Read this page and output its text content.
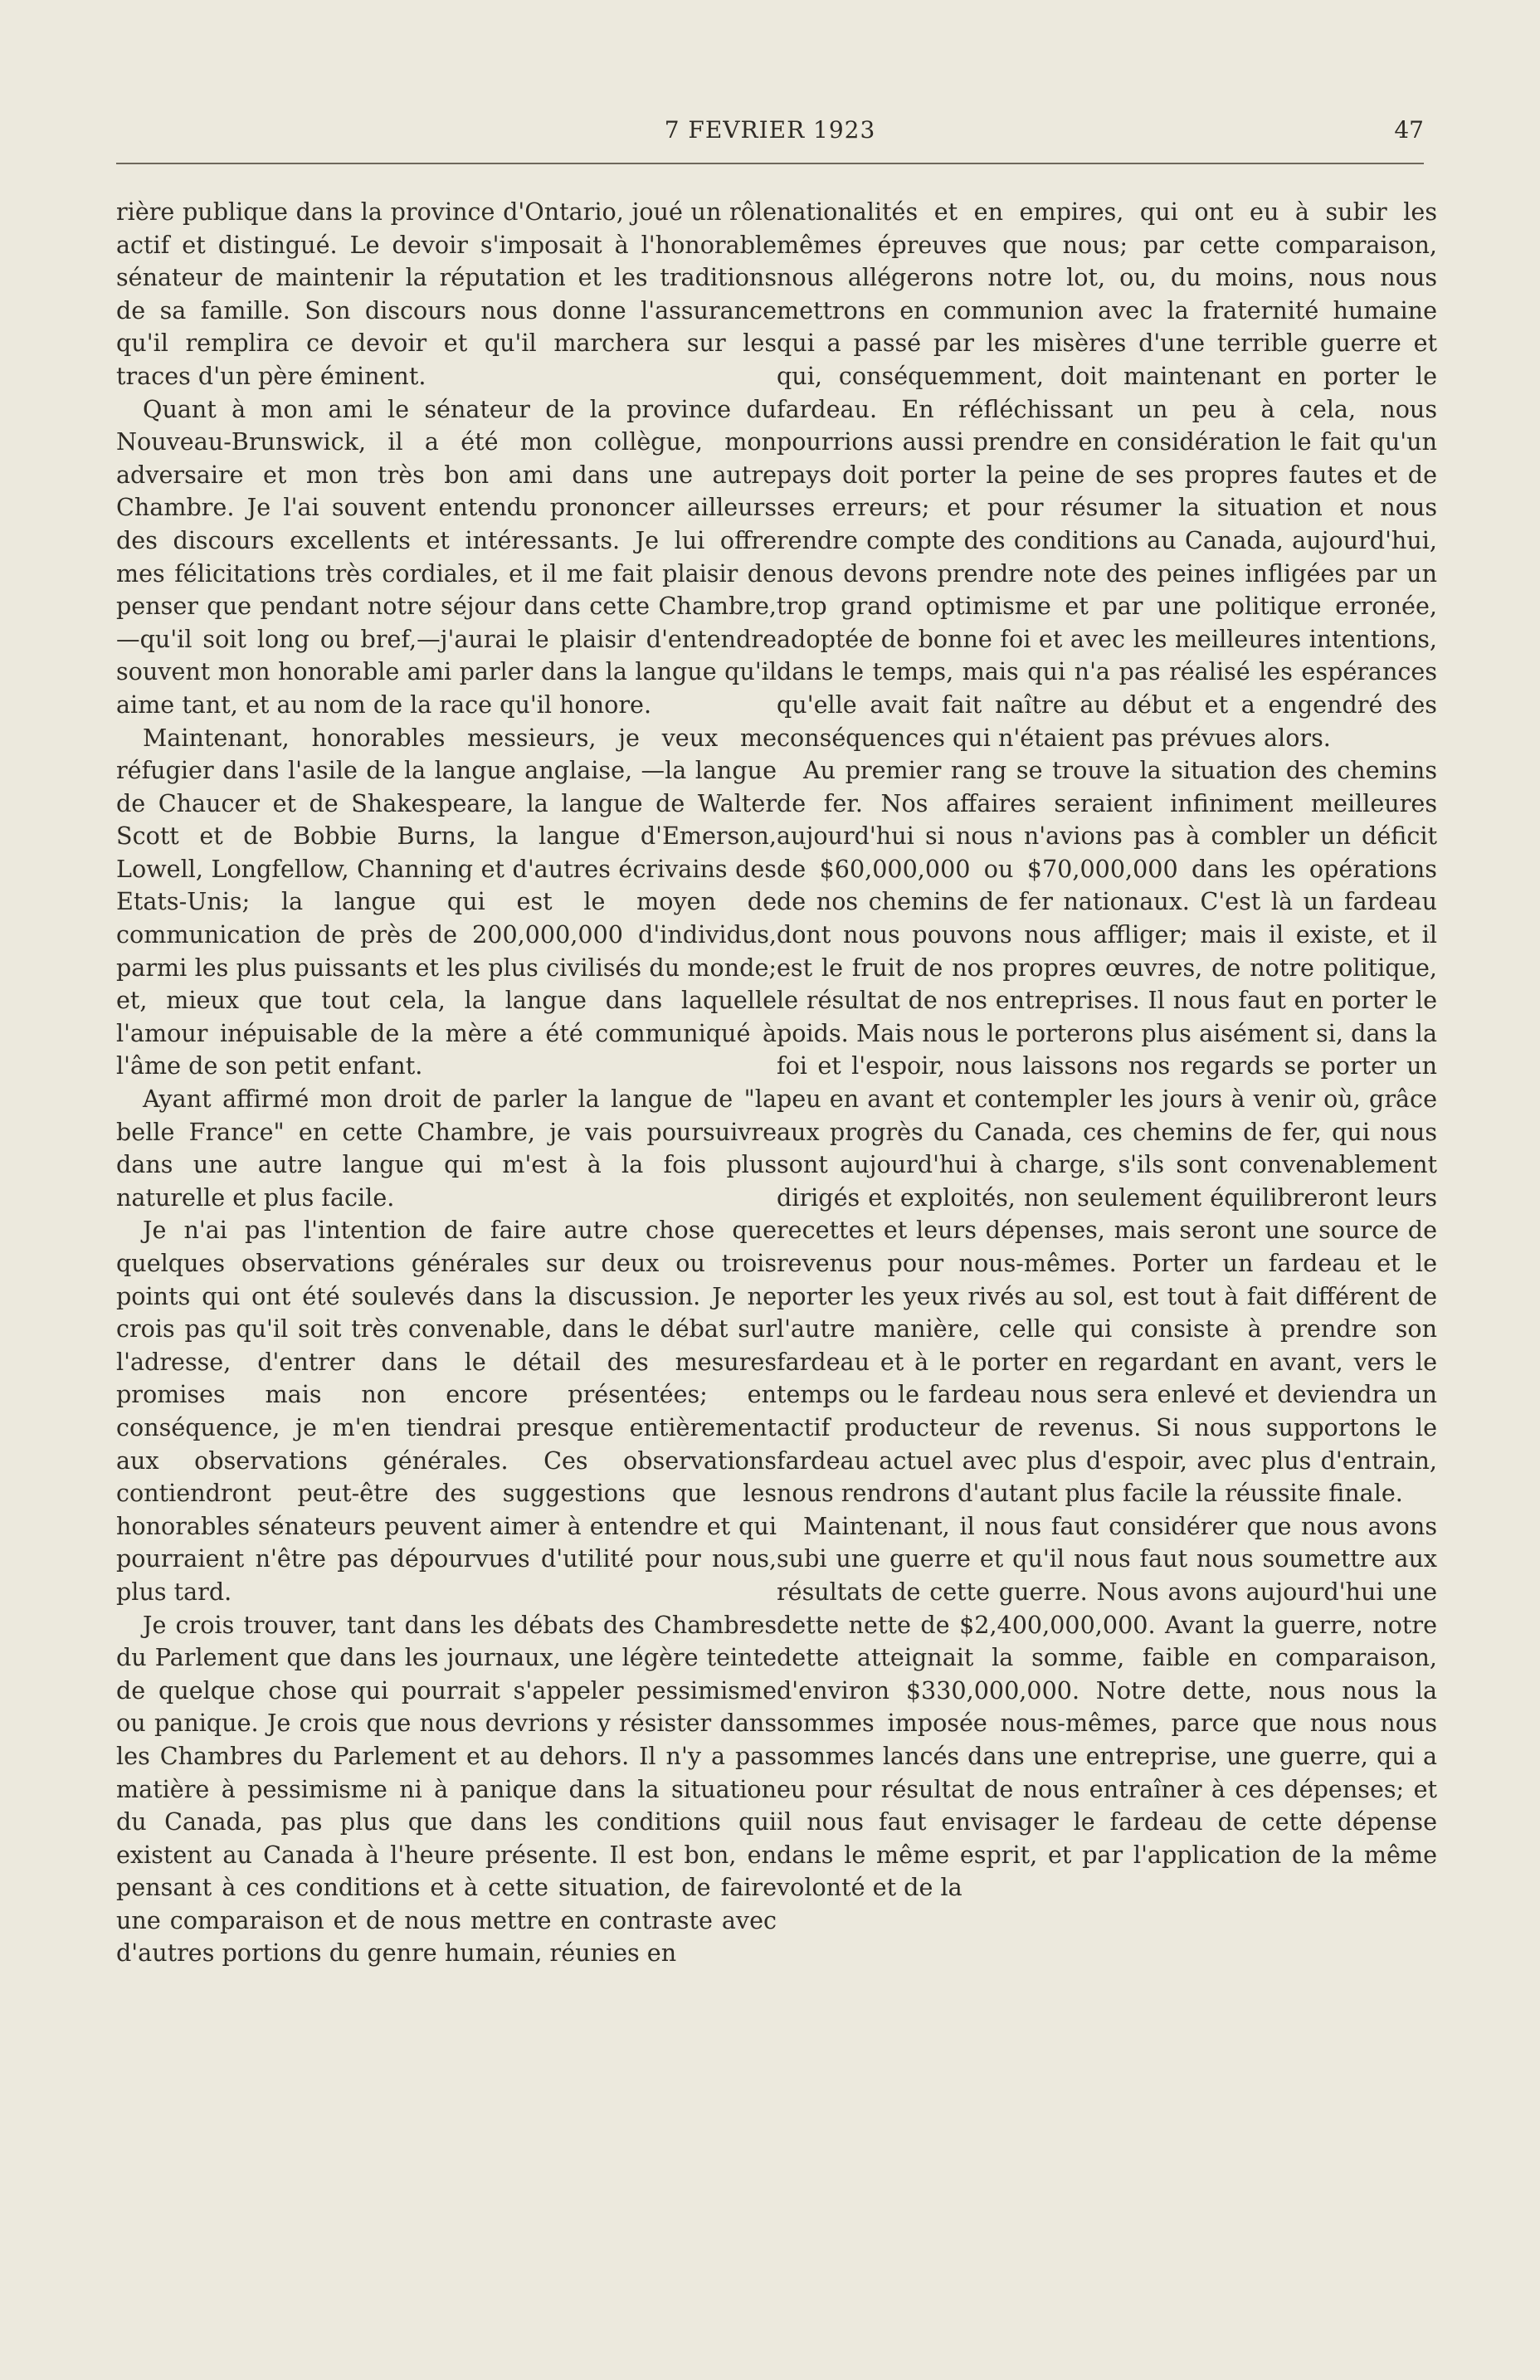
7 FEVRIER 1923	47

rière publique dans la province d'Ontario, joué un rôle actif et distingué. Le devoir s'imposait à l'honorable sénateur de maintenir la réputation et les traditions de sa famille. Son discours nous donne l'assurance qu'il remplira ce devoir et qu'il marchera sur les traces d'un père éminent.

Quant à mon ami le sénateur de la province du Nouveau-Brunswick, il a été mon collègue, mon adversaire et mon très bon ami dans une autre Chambre. Je l'ai souvent entendu prononcer ailleurs des discours excellents et intéressants. Je lui offre mes félicitations très cordiales, et il me fait plaisir de penser que pendant notre séjour dans cette Chambre,—qu'il soit long ou bref,—j'aurai le plaisir d'entendre souvent mon honorable ami parler dans la langue qu'il aime tant, et au nom de la race qu'il honore.

Maintenant, honorables messieurs, je veux me réfugier dans l'asile de la langue anglaise, —la langue de Chaucer et de Shakespeare, la langue de Walter Scott et de Bobbie Burns, la langue d'Emerson, Lowell, Longfellow, Channing et d'autres écrivains des Etats-Unis; la langue qui est le moyen de communication de près de 200,000,000 d'individus, parmi les plus puissants et les plus civilisés du monde; et, mieux que tout cela, la langue dans laquelle l'amour inépuisable de la mère a été communiqué à l'âme de son petit enfant.

Ayant affirmé mon droit de parler la langue de "la belle France" en cette Chambre, je vais poursuivre dans une autre langue qui m'est à la fois plus naturelle et plus facile.

Je n'ai pas l'intention de faire autre chose que quelques observations générales sur deux ou trois points qui ont été soulevés dans la discussion. Je ne crois pas qu'il soit très convenable, dans le débat sur l'adresse, d'entrer dans le détail des mesures promises mais non encore présentées; en conséquence, je m'en tiendrai presque entièrement aux observations générales. Ces observations contiendront peut-être des suggestions que les honorables sénateurs peuvent aimer à entendre et qui pourraient n'être pas dépourvues d'utilité pour nous, plus tard.

Je crois trouver, tant dans les débats des Chambres du Parlement que dans les journaux, une légère teinte de quelque chose qui pourrait s'appeler pessimisme ou panique. Je crois que nous devrions y résister dans les Chambres du Parlement et au dehors. Il n'y a pas matière à pessimisme ni à panique dans la situation du Canada, pas plus que dans les conditions qui existent au Canada à l'heure présente. Il est bon, en pensant à ces conditions et à cette situation, de faire une comparaison et de nous mettre en contraste avec d'autres portions du genre humain, réunies en

nationalités et en empires, qui ont eu à subir les mêmes épreuves que nous; par cette comparaison, nous allégerons notre lot, ou, du moins, nous nous mettrons en communion avec la fraternité humaine qui a passé par les misères d'une terrible guerre et qui, conséquemment, doit maintenant en porter le fardeau. En réfléchissant un peu à cela, nous pourrions aussi prendre en considération le fait qu'un pays doit porter la peine de ses propres fautes et de ses erreurs; et pour résumer la situation et nous rendre compte des conditions au Canada, aujourd'hui, nous devons prendre note des peines infligées par un trop grand optimisme et par une politique erronée, adoptée de bonne foi et avec les meilleures intentions, dans le temps, mais qui n'a pas réalisé les espérances qu'elle avait fait naître au début et a engendré des conséquences qui n'étaient pas prévues alors.

Au premier rang se trouve la situation des chemins de fer. Nos affaires seraient infiniment meilleures aujourd'hui si nous n'avions pas à combler un déficit de $60,000,000 ou $70,000,000 dans les opérations de nos chemins de fer nationaux. C'est là un fardeau dont nous pouvons nous affliger; mais il existe, et il est le fruit de nos propres œuvres, de notre politique, le résultat de nos entreprises. Il nous faut en porter le poids. Mais nous le porterons plus aisément si, dans la foi et l'espoir, nous laissons nos regards se porter un peu en avant et contempler les jours à venir où, grâce aux progrès du Canada, ces chemins de fer, qui nous sont aujourd'hui à charge, s'ils sont convenablement dirigés et exploités, non seulement équilibreront leurs recettes et leurs dépenses, mais seront une source de revenus pour nous-mêmes. Porter un fardeau et le porter les yeux rivés au sol, est tout à fait différent de l'autre manière, celle qui consiste à prendre son fardeau et à le porter en regardant en avant, vers le temps ou le fardeau nous sera enlevé et deviendra un actif producteur de revenus. Si nous supportons le fardeau actuel avec plus d'espoir, avec plus d'entrain, nous rendrons d'autant plus facile la réussite finale.

Maintenant, il nous faut considérer que nous avons subi une guerre et qu'il nous faut nous soumettre aux résultats de cette guerre. Nous avons aujourd'hui une dette nette de $2,400,000,000. Avant la guerre, notre dette atteignait la somme, faible en comparaison, d'environ $330,000,000. Notre dette, nous nous la sommes imposée nous-mêmes, parce que nous nous sommes lancés dans une entreprise, une guerre, qui a eu pour résultat de nous entraîner à ces dépenses; et il nous faut envisager le fardeau de cette dépense dans le même esprit, et par l'application de la même volonté et de la
